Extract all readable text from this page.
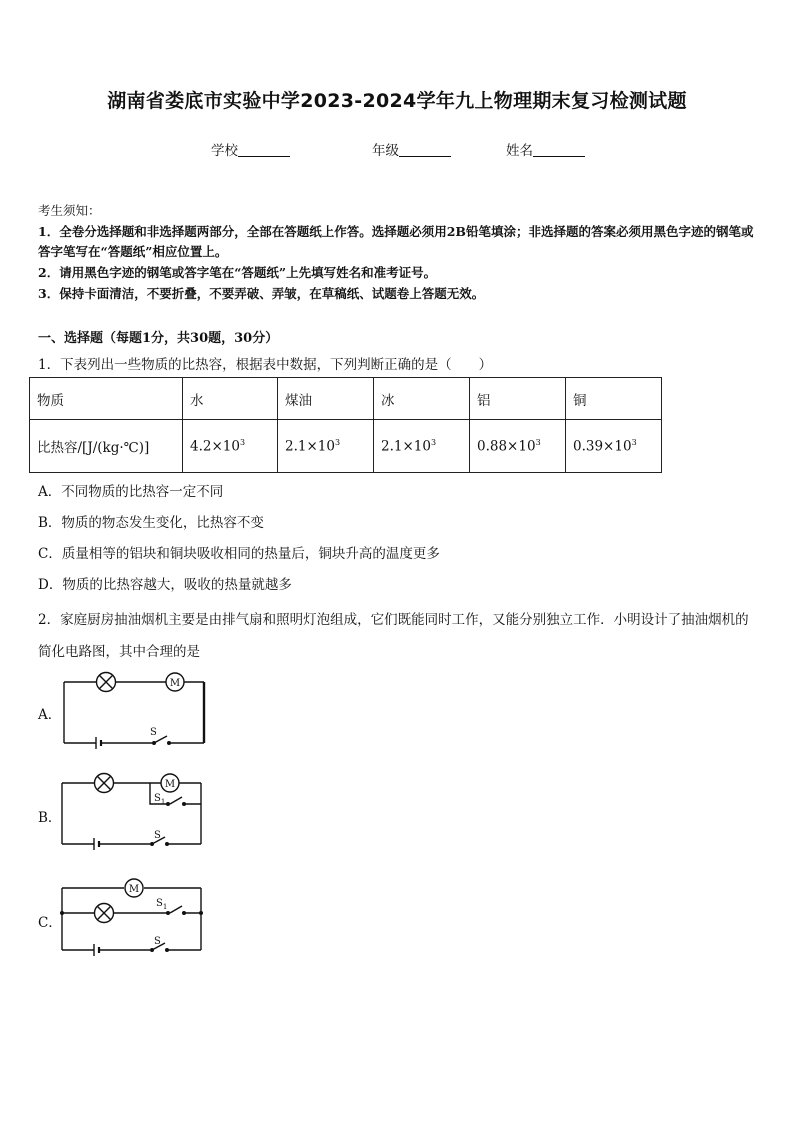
湖南省娄底市实验中学2023-2024学年九上物理期末复习检测试题
学校	年级	姓名
考生须知：
1．全卷分选择题和非选择题两部分，全部在答题纸上作答。选择题必须用2B铅笔填涂；非选择题的答案必须用黑色字迹的钢笔或答字笔写在“答题纸”相应位置上。
2．请用黑色字迹的钢笔或答字笔在“答题纸”上先填写姓名和准考证号。
3．保持卡面清洁，不要折叠，不要弄破、弄皱，在草稿纸、试题卷上答题无效。
一、选择题（每题1分，共30题，30分）
1．下表列出一些物质的比热容，根据表中数据，下列判断正确的是（　　）
物质	水	煤油	冰	铝	铜
比热容/[J/(kg·℃)]	$4.2\times 10^3$	$2.1\times 10^3$	$2.1\times 10^3$	$0.88\times 10^3$	$0.39\times 10^3$
A．不同物质的比热容一定不同
B．物质的物态发生变化，比热容不变
C．质量相等的铝块和铜块吸收相同的热量后，铜块升高的温度更多
D．物质的比热容越大，吸收的热量就越多
2．家庭厨房抽油烟机主要是由排气扇和照明灯泡组成，它们既能同时工作，又能分别独立工作．小明设计了抽油烟机的简化电路图，其中合理的是
A．
M
S
B．
M
$S_1$
S
C．
M
$S_1$
S
